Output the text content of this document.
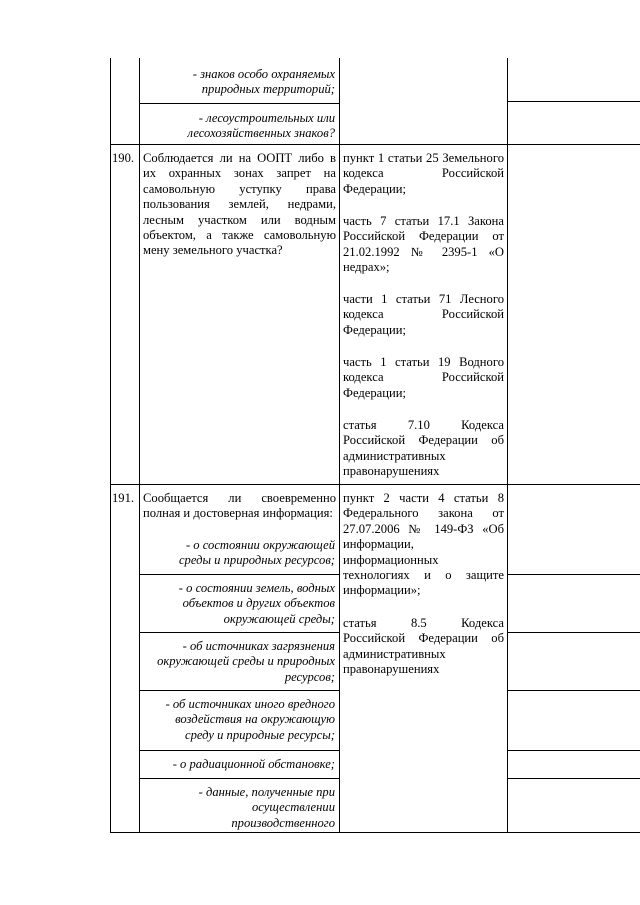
- знаков особо охраняемых природных территорий;
- лесоустроительных или лесохозяйственных знаков?
190. Соблюдается ли на ООПТ либо в их охранных зонах запрет на самовольную уступку права пользования землей, недрами, лесным участком или водным объектом, а также самовольную мену земельного участка?
пункт 1 статьи 25 Земельного кодекса Российской Федерации;
часть 7 статьи 17.1 Закона Российской Федерации от 21.02.1992 № 2395-1 «О недрах»;
части 1 статьи 71 Лесного кодекса Российской Федерации;
часть 1 статьи 19 Водного кодекса Российской Федерации;
статья 7.10 Кодекса Российской Федерации об административных правонарушениях
191. Сообщается ли своевременно полная и достоверная информация:
- о состоянии окружающей среды и природных ресурсов;
- о состоянии земель, водных объектов и других объектов окружающей среды;
- об источниках загрязнения окружающей среды и природных ресурсов;
- об источниках иного вредного воздействия на окружающую среду и природные ресурсы;
- о радиационной обстановке;
- данные, полученные при осуществлении производственного
пункт 2 части 4 статьи 8 Федерального закона от 27.07.2006 № 149-ФЗ «Об информации, информационных технологиях и о защите информации»;
статья 8.5 Кодекса Российской Федерации об административных правонарушениях
